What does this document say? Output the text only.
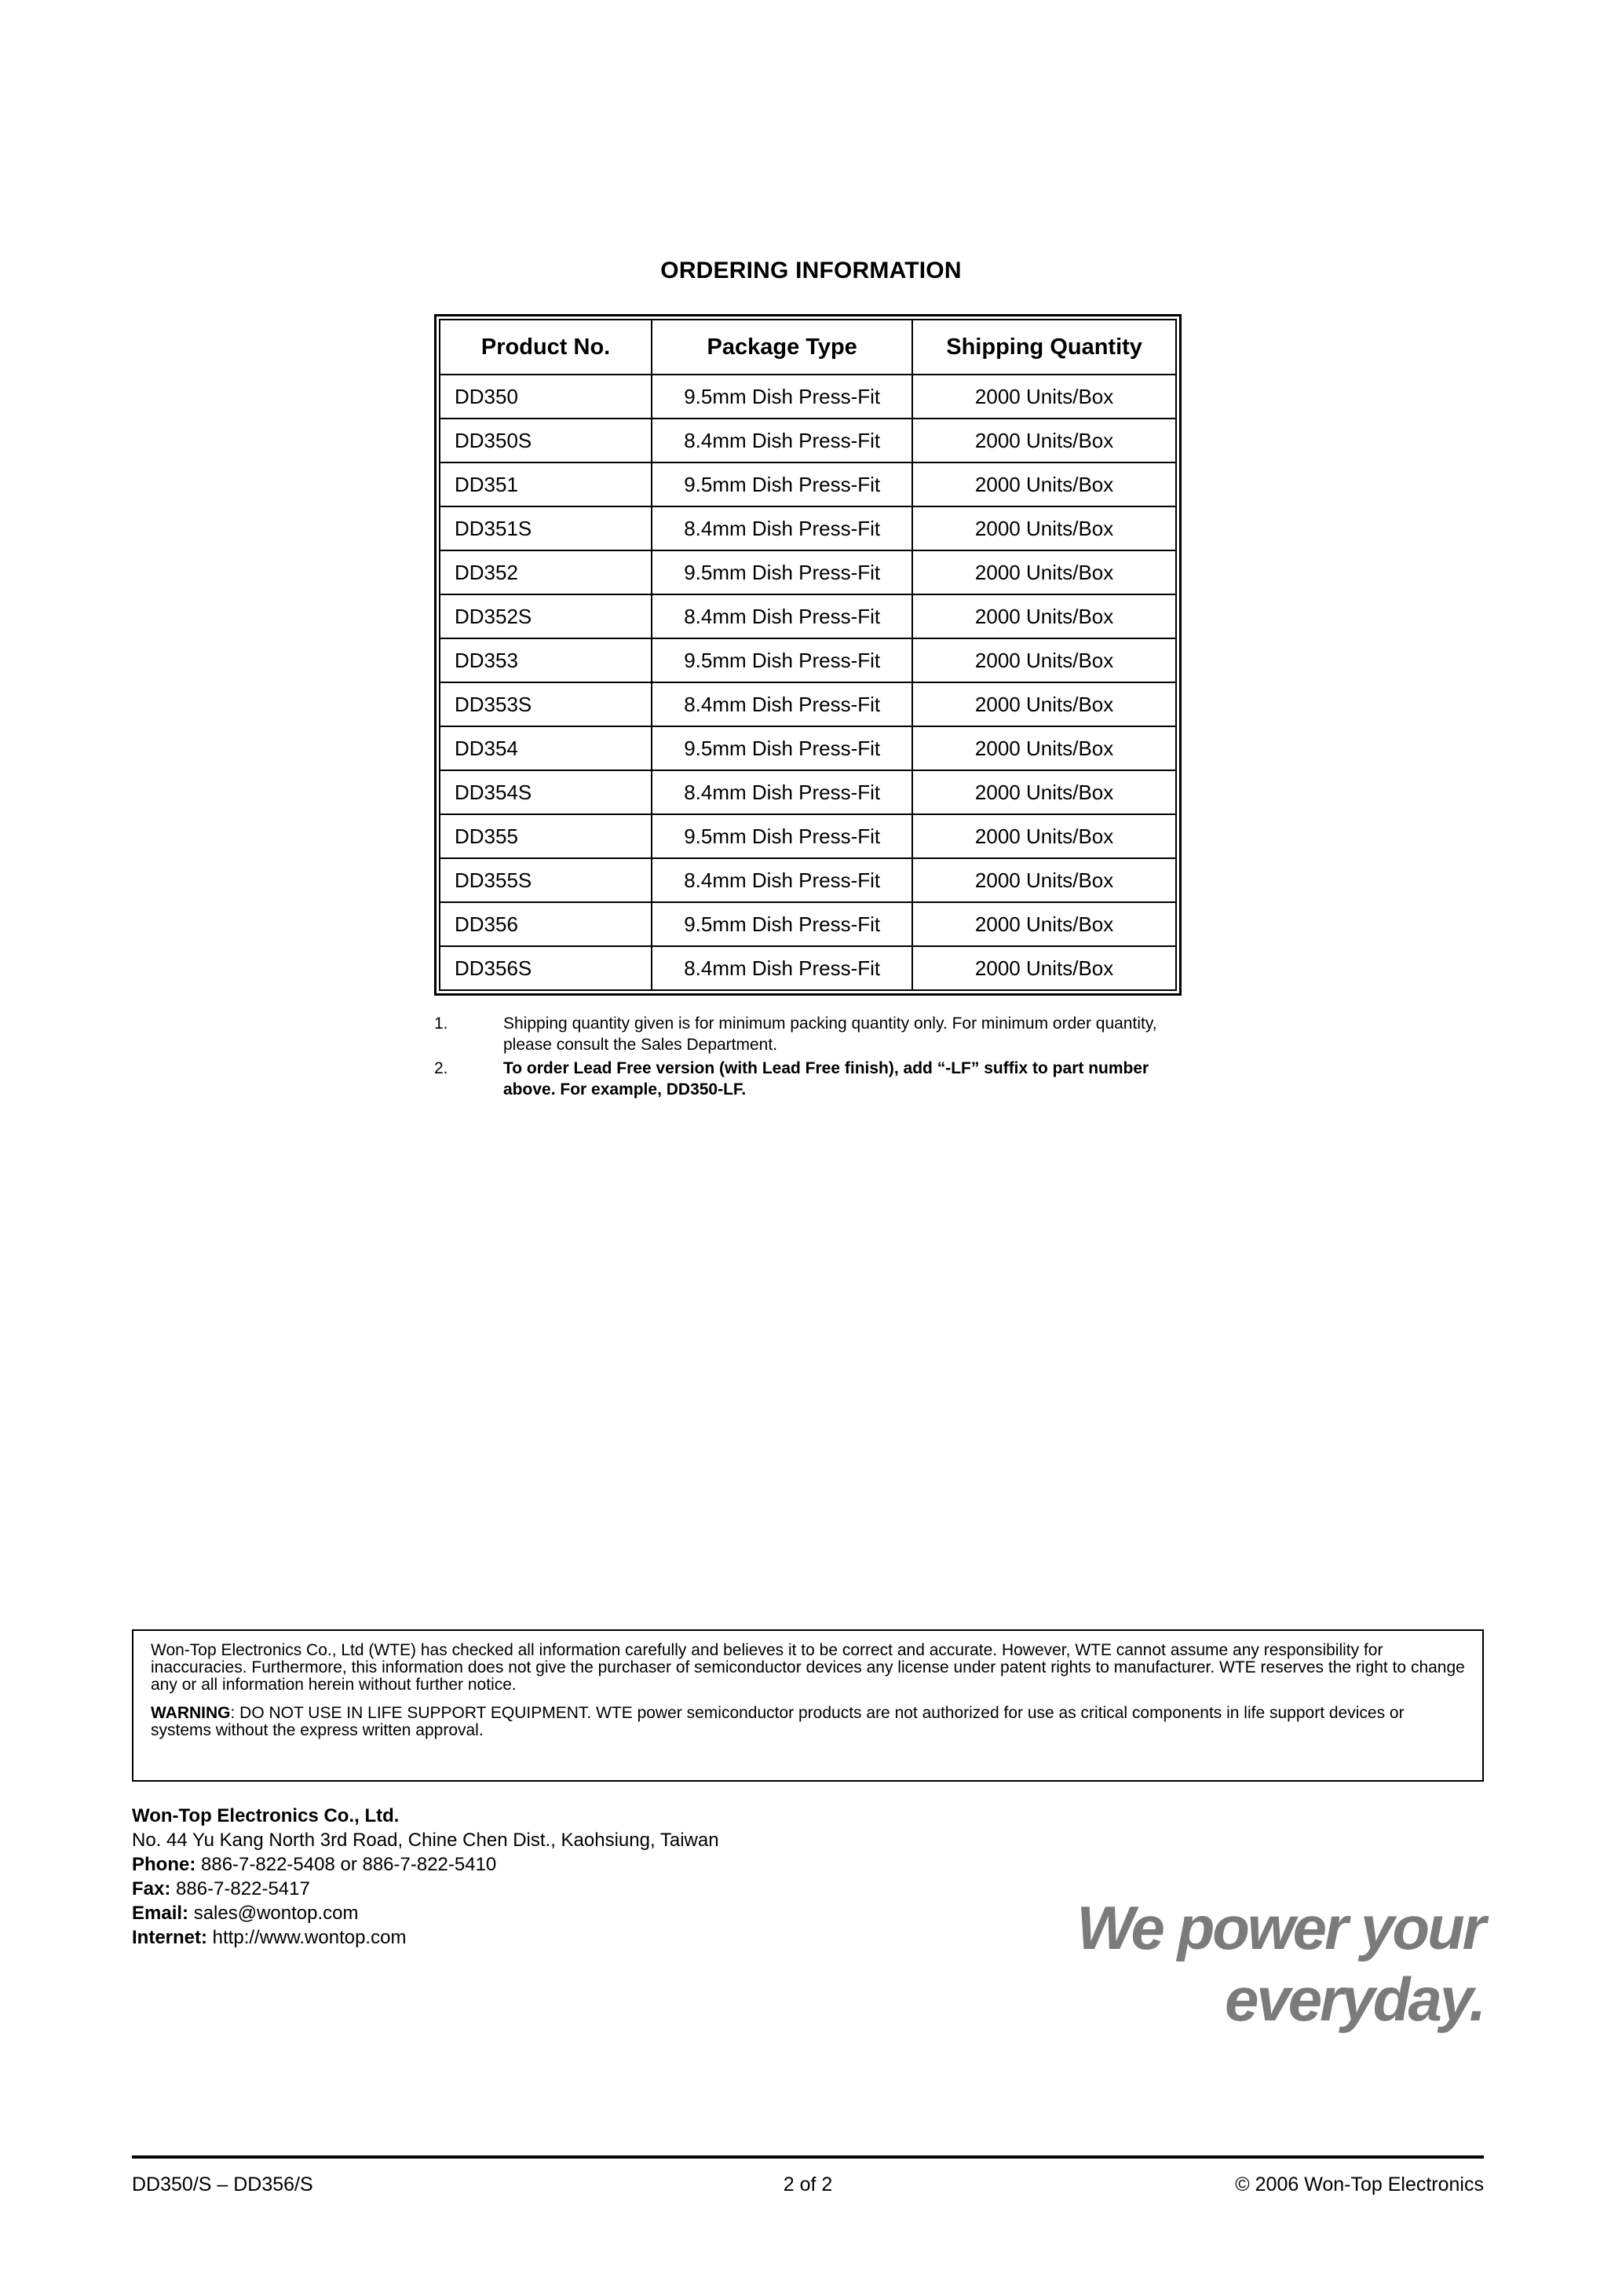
ORDERING INFORMATION
Product No.	Package Type	Shipping Quantity
DD350	9.5mm Dish Press-Fit	2000 Units/Box
DD350S	8.4mm Dish Press-Fit	2000 Units/Box
DD351	9.5mm Dish Press-Fit	2000 Units/Box
DD351S	8.4mm Dish Press-Fit	2000 Units/Box
DD352	9.5mm Dish Press-Fit	2000 Units/Box
DD352S	8.4mm Dish Press-Fit	2000 Units/Box
DD353	9.5mm Dish Press-Fit	2000 Units/Box
DD353S	8.4mm Dish Press-Fit	2000 Units/Box
DD354	9.5mm Dish Press-Fit	2000 Units/Box
DD354S	8.4mm Dish Press-Fit	2000 Units/Box
DD355	9.5mm Dish Press-Fit	2000 Units/Box
DD355S	8.4mm Dish Press-Fit	2000 Units/Box
DD356	9.5mm Dish Press-Fit	2000 Units/Box
DD356S	8.4mm Dish Press-Fit	2000 Units/Box
1.	Shipping quantity given is for minimum packing quantity only. For minimum order quantity, please consult the Sales Department.
2.	To order Lead Free version (with Lead Free finish), add “-LF” suffix to part number above. For example, DD350-LF.

Won-Top Electronics Co., Ltd (WTE) has checked all information carefully and believes it to be correct and accurate. However, WTE cannot assume any responsibility for inaccuracies. Furthermore, this information does not give the purchaser of semiconductor devices any license under patent rights to manufacturer. WTE reserves the right to change any or all information herein without further notice.

WARNING: DO NOT USE IN LIFE SUPPORT EQUIPMENT. WTE power semiconductor products are not authorized for use as critical components in life support devices or systems without the express written approval.

Won-Top Electronics Co., Ltd.
No. 44 Yu Kang North 3rd Road, Chine Chen Dist., Kaohsiung, Taiwan
Phone: 886-7-822-5408 or 886-7-822-5410
Fax: 886-7-822-5417
Email: sales@wontop.com
Internet: http://www.wontop.com	We power your everyday.
DD350/S – DD356/S	2 of 2	© 2006 Won-Top Electronics
